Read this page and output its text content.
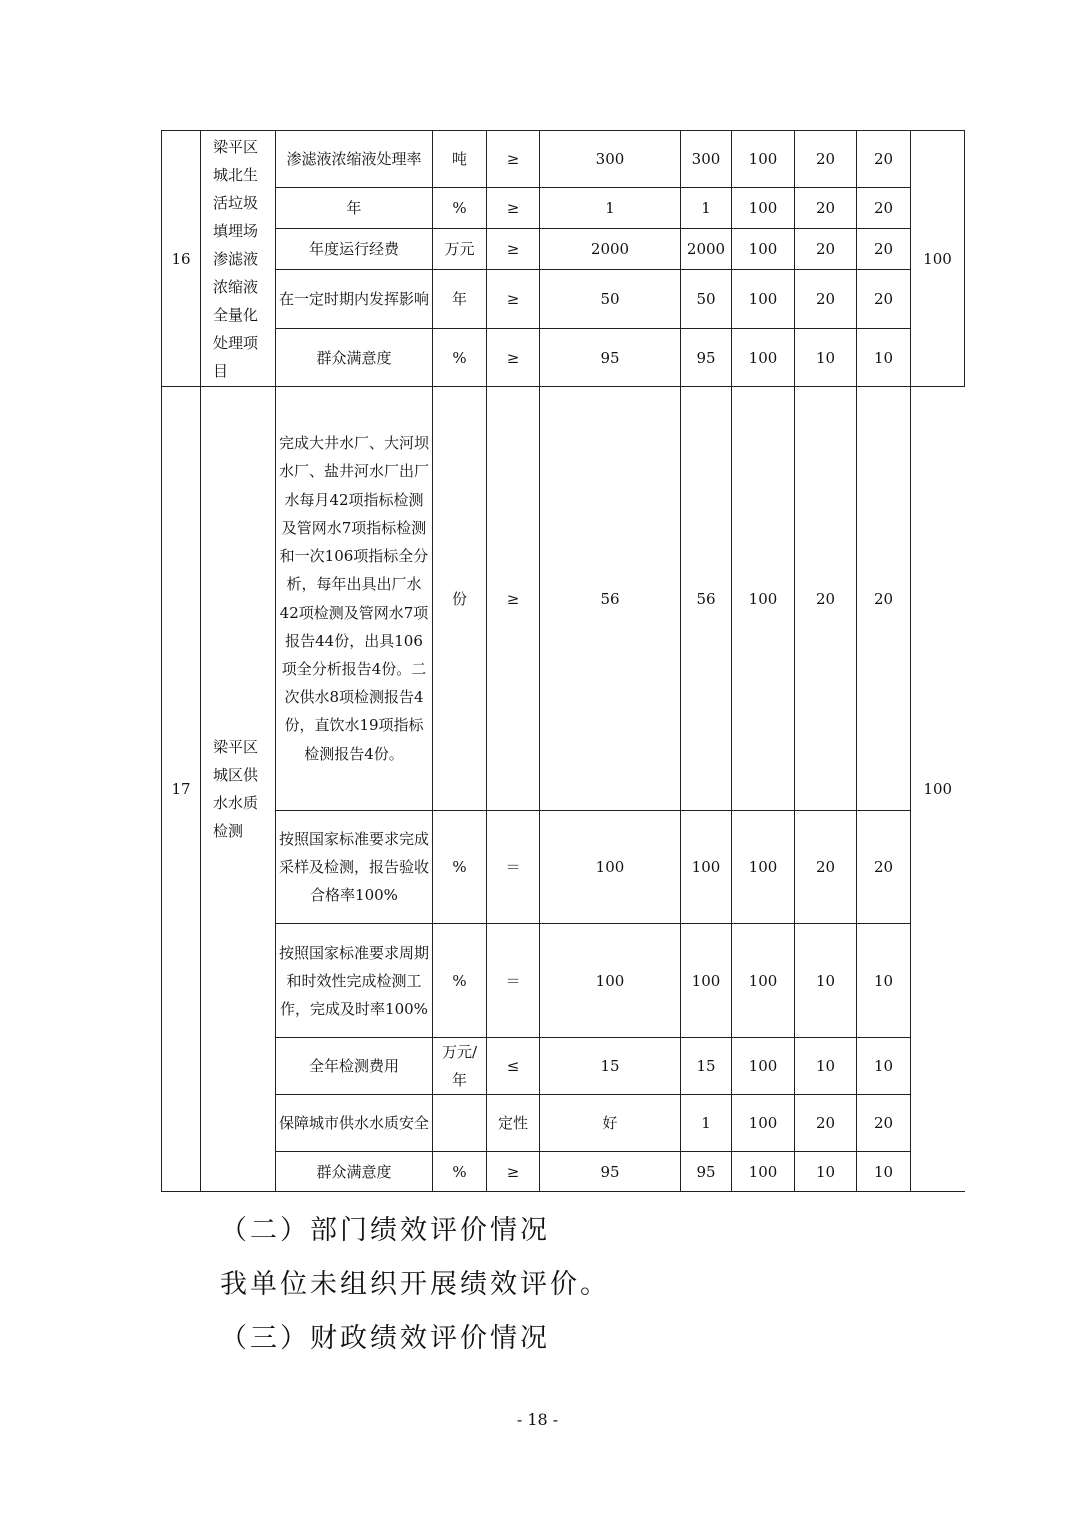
16	梁平区城北生活垃圾填埋场渗滤液浓缩液全量化处理项目	渗滤液浓缩液处理率	吨	≥	300	300	100	20	20	100
		年	%	≥	1	1	100	20	20	
		年度运行经费	万元	≥	2000	2000	100	20	20	
		在一定时期内发挥影响	年	≥	50	50	100	20	20	
		群众满意度	%	≥	95	95	100	10	10	
17	梁平区城区供水水质检测	完成大井水厂、大河坝水厂、盐井河水厂出厂水每月42项指标检测及管网水7项指标检测和一次106项指标全分析，每年出具出厂水42项检测及管网水7项报告44份，出具106项全分析报告4份。二次供水8项检测报告4份，直饮水19项指标检测报告4份。	份	≥	56	56	100	20	20	100
		按照国家标准要求完成采样及检测，报告验收合格率100%	%	＝	100	100	100	20	20	
		按照国家标准要求周期和时效性完成检测工作，完成及时率100%	%	＝	100	100	100	10	10	
		全年检测费用	万元/年	≤	15	15	100	10	10	
		保障城市供水水质安全		定性	好	1	100	20	20	
		群众满意度	%	≥	95	95	100	10	10	
（二）部门绩效评价情况
我单位未组织开展绩效评价。
（三）财政绩效评价情况
- 18 -
